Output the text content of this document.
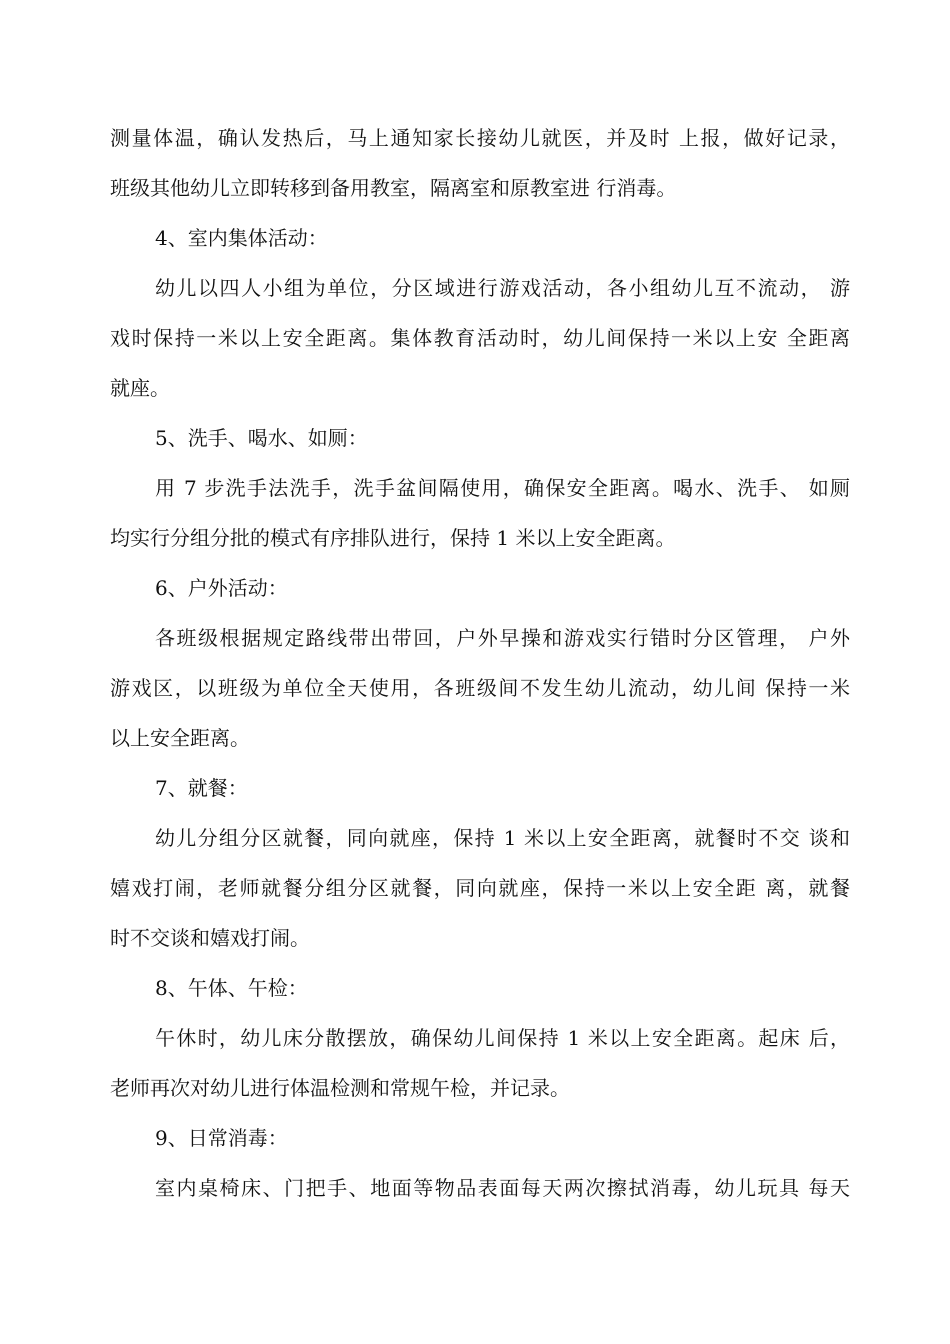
测量体温，确认发热后，马上通知家长接幼儿就医，并及时 上报，做好记录，
班级其他幼儿立即转移到备用教室，隔离室和原教室进 行消毒。
4、室内集体活动：
幼儿以四人小组为单位，分区域进行游戏活动，各小组幼儿互不流动， 游
戏时保持一米以上安全距离。集体教育活动时，幼儿间保持一米以上安 全距离
就座。
5、洗手、喝水、如厕：
用 7 步洗手法洗手，洗手盆间隔使用，确保安全距离。喝水、洗手、 如厕
均实行分组分批的模式有序排队进行，保持 1 米以上安全距离。
6、户外活动：
各班级根据规定路线带出带回，户外早操和游戏实行错时分区管理， 户外
游戏区，以班级为单位全天使用，各班级间不发生幼儿流动，幼儿间 保持一米
以上安全距离。
7、就餐：
幼儿分组分区就餐，同向就座，保持 1 米以上安全距离，就餐时不交 谈和
嬉戏打闹，老师就餐分组分区就餐，同向就座，保持一米以上安全距 离，就餐
时不交谈和嬉戏打闹。
8、午体、午检：
午休时，幼儿床分散摆放，确保幼儿间保持 1 米以上安全距离。起床 后，
老师再次对幼儿进行体温检测和常规午检，并记录。
9、日常消毒：
室内桌椅床、门把手、地面等物品表面每天两次擦拭消毒，幼儿玩具 每天
